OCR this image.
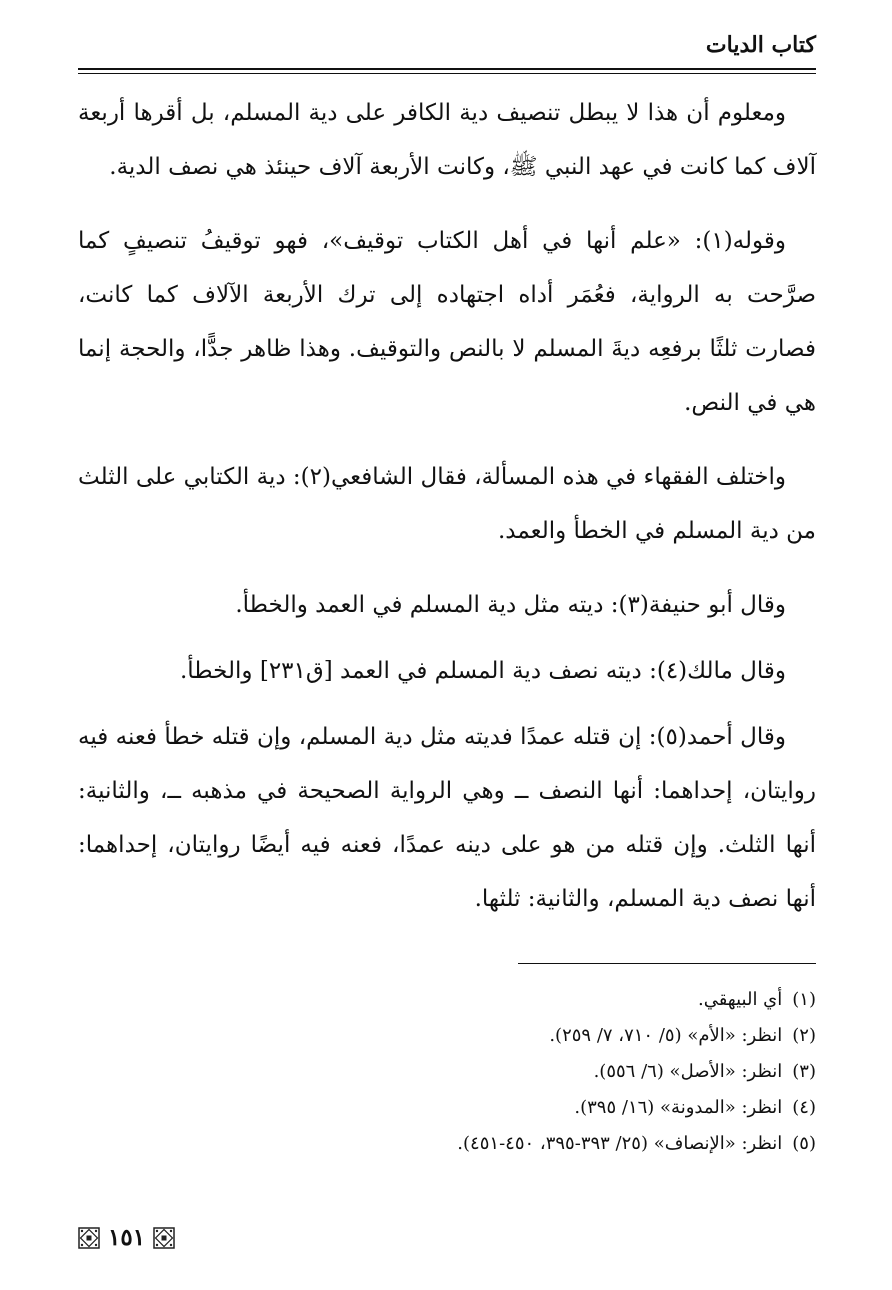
كتاب الديات

ومعلوم أن هذا لا يبطل تنصيف دية الكافر على دية المسلم، بل أقرها أربعة آلاف كما كانت في عهد النبي ﷺ، وكانت الأربعة آلاف حينئذ هي نصف الدية.

وقوله(١): «علم أنها في أهل الكتاب توقيف»، فهو توقيفُ تنصيفٍ كما صرَّحت به الرواية، فعُمَر أداه اجتهاده إلى ترك الأربعة الآلاف كما كانت، فصارت ثلثًا برفعِه ديةَ المسلم لا بالنص والتوقيف. وهذا ظاهر جدًّا، والحجة إنما هي في النص.

واختلف الفقهاء في هذه المسألة، فقال الشافعي(٢): دية الكتابي على الثلث من دية المسلم في الخطأ والعمد.

وقال أبو حنيفة(٣): ديته مثل دية المسلم في العمد والخطأ.

وقال مالك(٤): ديته نصف دية المسلم في العمد [ق٢٣١] والخطأ.

وقال أحمد(٥): إن قتله عمدًا فديته مثل دية المسلم، وإن قتله خطأ فعنه فيه روايتان، إحداهما: أنها النصف ــ وهي الرواية الصحيحة في مذهبه ــ، والثانية: أنها الثلث. وإن قتله من هو على دينه عمدًا، فعنه فيه أيضًا روايتان، إحداهما: أنها نصف دية المسلم، والثانية: ثلثها.

(١)أي البيهقي.
(٢)انظر: «الأم» (٥/ ٧١٠، ٧/ ٢٥٩).
(٣)انظر: «الأصل» (٦/ ٥٥٦).
(٤)انظر: «المدونة» (١٦/ ٣٩٥).
(٥)انظر: «الإنصاف» (٢٥/ ٣٩٣-٣٩٥، ٤٥٠-٤٥١).
١٥١
